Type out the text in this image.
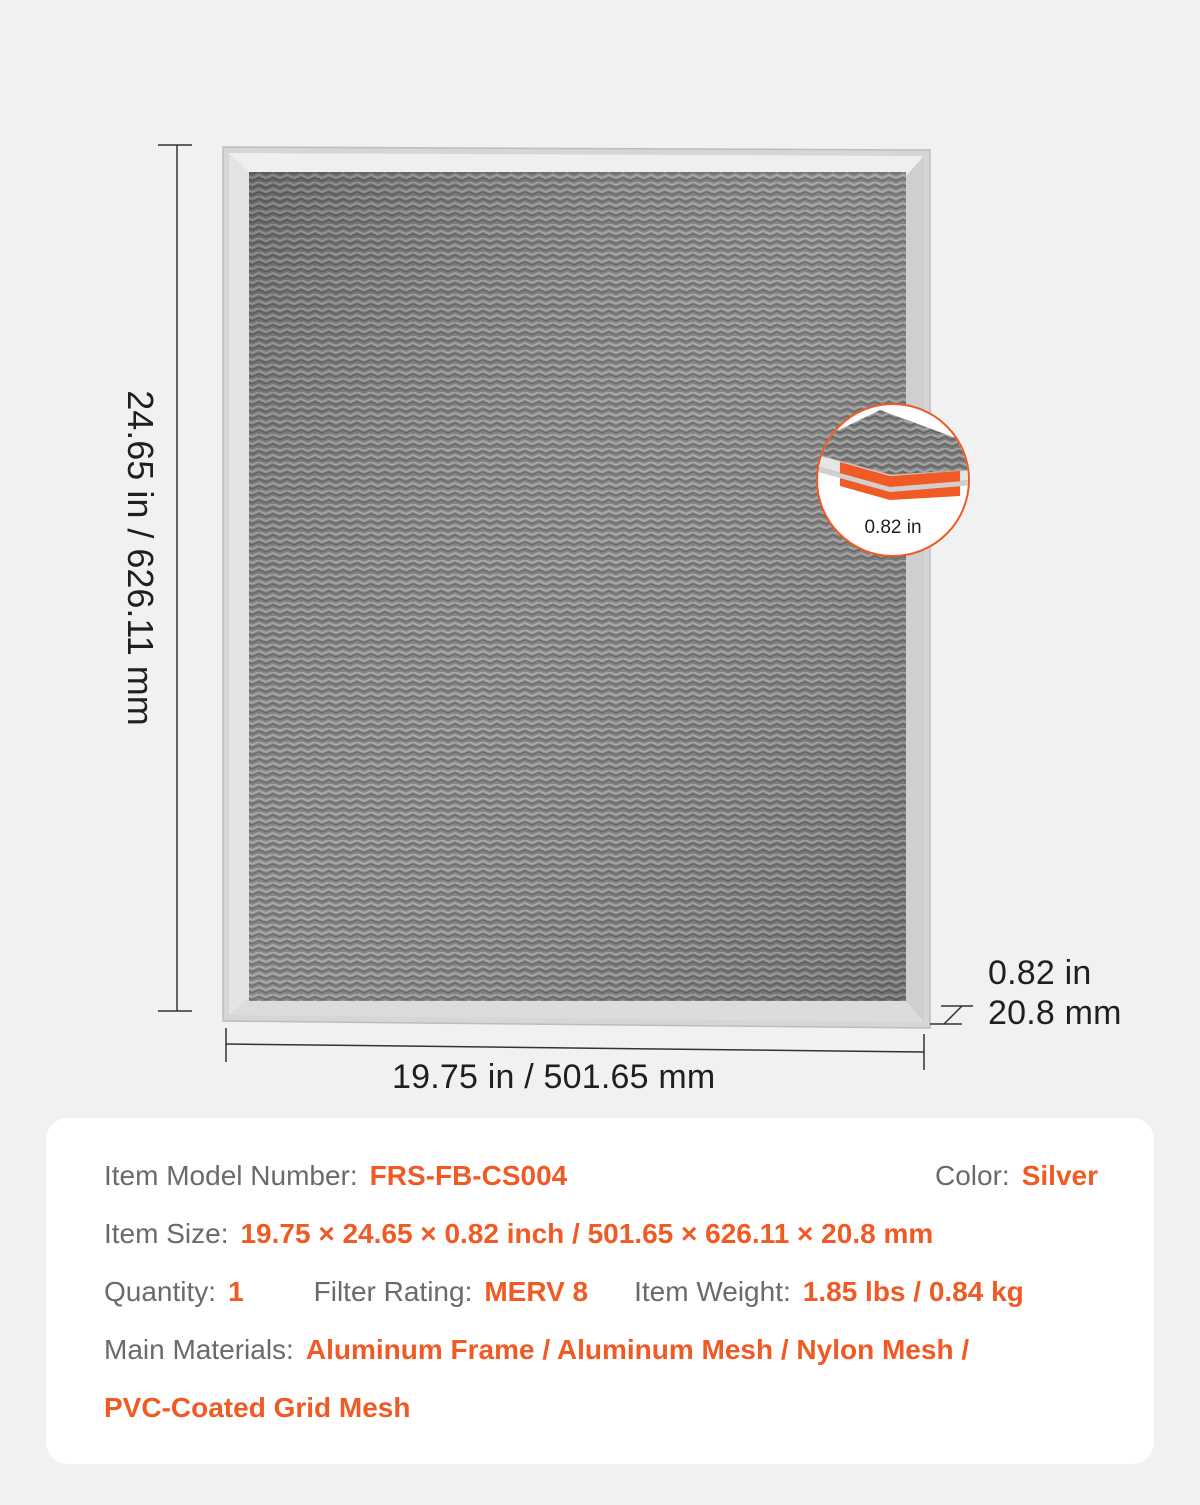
24.65 in / 626.11 mm
19.75 in / 501.65 mm
0.82 in
20.8 mm
0.82 in
Item Model Number: FRS-FB-CS004	Color: Silver
Item Size: 19.75 × 24.65 × 0.82 inch / 501.65 × 626.11 × 20.8 mm
Quantity: 1	Filter Rating: MERV 8 Item Weight: 1.85 lbs / 0.84 kg
Main Materials: Aluminum Frame / Aluminum Mesh / Nylon Mesh /
PVC-Coated Grid Mesh
